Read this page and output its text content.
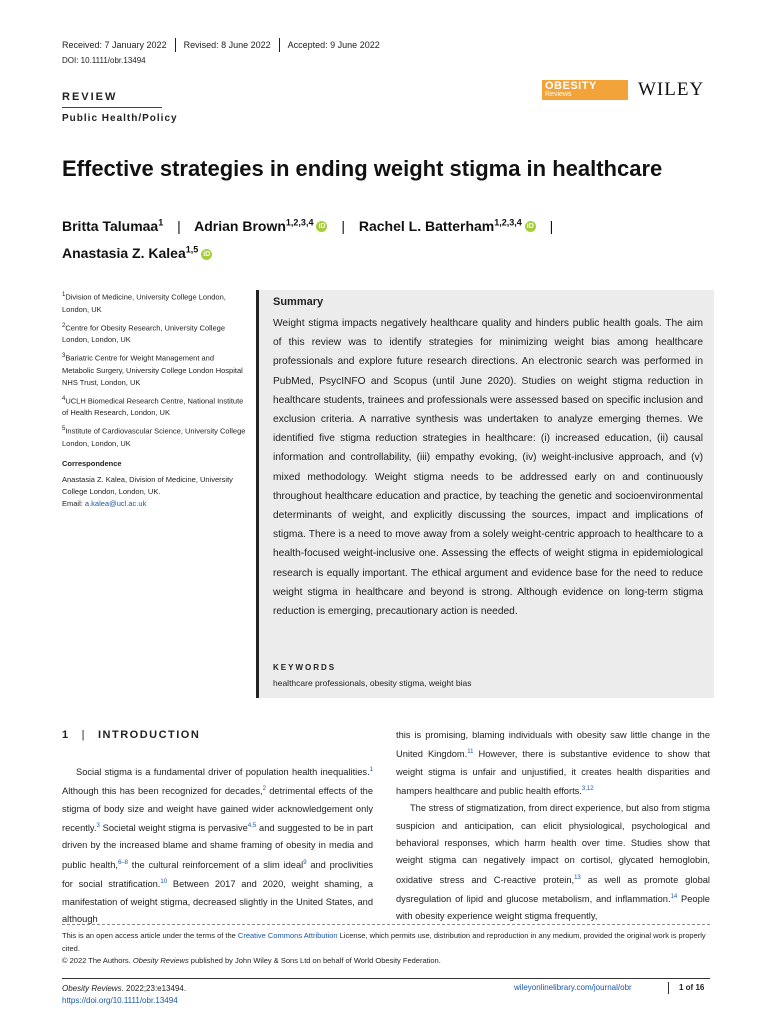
Received: 7 January 2022	Revised: 8 June 2022	Accepted: 9 June 2022
DOI: 10.1111/obr.13494
REVIEW
Public Health/Policy
OBESITY
Reviews	WILEY
Effective strategies in ending weight stigma in healthcare
Britta Talumaa$^1$ | Adrian Brown$^{1,2,3,4}$ iD | Rachel L. Batterham$^{1,2,3,4}$ iD |
Anastasia Z. Kalea$^{1,5}$ iD

$^1$Division of Medicine, University College London, London, UK

$^2$Centre for Obesity Research, University College London, London, UK

$^3$Bariatric Centre for Weight Management and Metabolic Surgery, University College London Hospital NHS Trust, London, UK

$^4$UCLH Biomedical Research Centre, National Institute of Health Research, London, UK

$^5$Institute of Cardiovascular Science, University College London, London, UK

Correspondence

Anastasia Z. Kalea, Division of Medicine, University College London, London, UK.
Email: a.kalea@ucl.ac.uk

Summary
Weight stigma impacts negatively healthcare quality and hinders public health goals. The aim of this review was to identify strategies for minimizing weight bias among healthcare professionals and explore future research directions. An electronic search was performed in PubMed, PsycINFO and Scopus (until June 2020). Studies on weight stigma reduction in healthcare students, trainees and professionals were assessed based on specific inclusion and exclusion criteria. A narrative synthesis was undertaken to analyze emerging themes. We identified five stigma reduction strategies in healthcare: (i) increased education, (ii) causal information and controllability, (iii) empathy evoking, (iv) weight-inclusive approach, and (v) mixed methodology. Weight stigma needs to be addressed early on and continuously throughout healthcare education and practice, by teaching the genetic and socioenvironmental determinants of weight, and explicitly discussing the sources, impact and implications of stigma. There is a need to move away from a solely weight-centric approach to healthcare to a health-focused weight-inclusive one. Assessing the effects of weight stigma in epidemiological research is equally important. The ethical argument and evidence base for the need to reduce weight stigma in healthcare and beyond is strong. Although evidence on long-term stigma reduction is emerging, precautionary action is needed.
KEYWORDS
healthcare professionals, obesity stigma, weight bias
1 | INTRODUCTION

Social stigma is a fundamental driver of population health inequalities.$^1$ Although this has been recognized for decades,$^2$ detrimental effects of the stigma of body size and weight have gained wider acknowledgement only recently.$^3$ Societal weight stigma is pervasive$^{4,5}$ and suggested to be in part driven by the increased blame and shame framing of obesity in media and public health,$^{6-8}$ the cultural reinforcement of a slim ideal$^9$ and proclivities for social stratification.$^{10}$ Between 2017 and 2020, weight shaming, a manifestation of weight stigma, decreased slightly in the United States, and although

this is promising, blaming individuals with obesity saw little change in the United Kingdom.$^{11}$ However, there is substantive evidence to show that weight stigma is unfair and unjustified, it creates health disparities and hampers healthcare and public health efforts.$^{3,12}$

The stress of stigmatization, from direct experience, but also from stigma suspicion and anticipation, can elicit physiological, psychological and behavioral responses, which harm health over time. Studies show that weight stigma can negatively impact on cortisol, glycated hemoglobin, oxidative stress and C-reactive protein,$^{13}$ as well as promote global dysregulation of lipid and glucose metabolism, and inflammation.$^{14}$ People with obesity experience weight stigma frequently,

This is an open access article under the terms of the Creative Commons Attribution License, which permits use, distribution and reproduction in any medium, provided the original work is properly cited.
© 2022 The Authors. Obesity Reviews published by John Wiley & Sons Ltd on behalf of World Obesity Federation.
Obesity Reviews. 2022;23:e13494.
https://doi.org/10.1111/obr.13494
wileyonlinelibrary.com/journal/obr	1 of 16
